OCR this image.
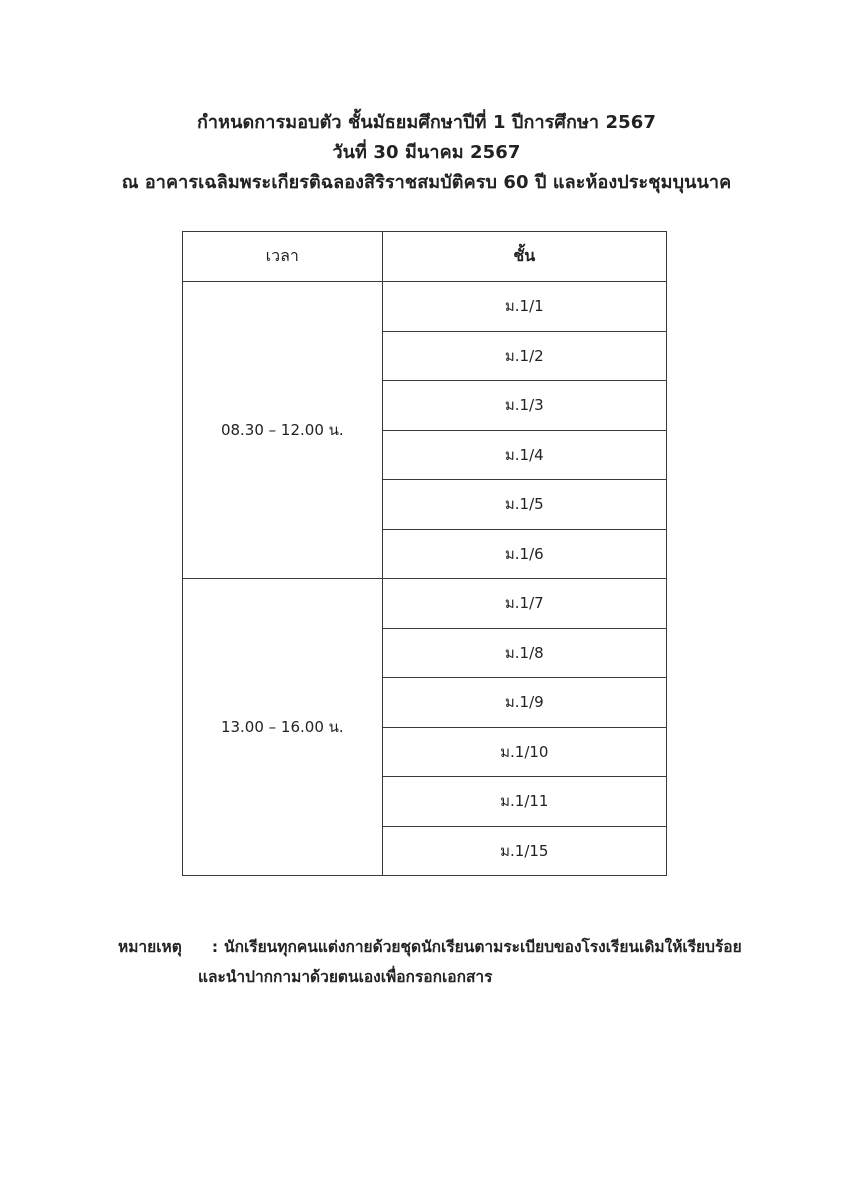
กำหนดการมอบตัว ชั้นมัธยมศึกษาปีที่ 1 ปีการศึกษา 2567
วันที่ 30 มีนาคม 2567
ณ อาคารเฉลิมพระเกียรติฉลองสิริราชสมบัติครบ 60 ปี และห้องประชุมบุนนาค
เวลา	ชั้น
08.30 – 12.00 น.	ม.1/1
	ม.1/2
	ม.1/3
	ม.1/4
	ม.1/5
	ม.1/6
13.00 – 16.00 น.	ม.1/7
	ม.1/8
	ม.1/9
	ม.1/10
	ม.1/11
	ม.1/15
หมายเหตุ	: นักเรียนทุกคนแต่งกายด้วยชุดนักเรียนตามระเบียบของโรงเรียนเดิมให้เรียบร้อย
และนำปากกามาด้วยตนเองเพื่อกรอกเอกสาร
